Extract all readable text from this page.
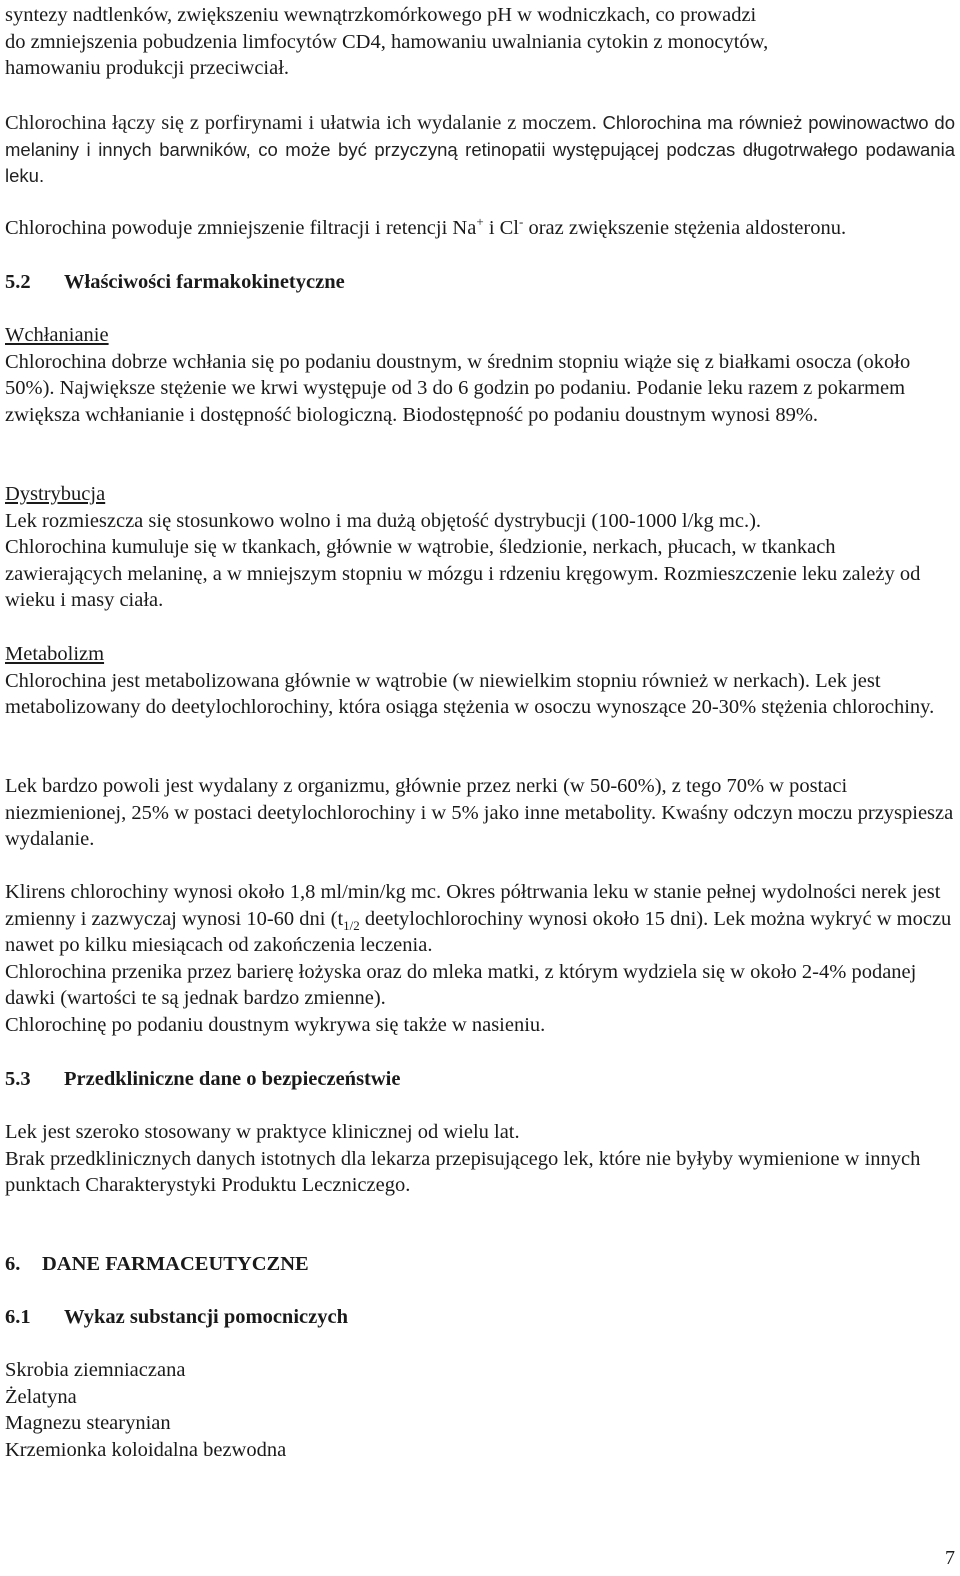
syntezy nadtlenków, zwiększeniu wewnątrzkomórkowego pH w wodniczkach, co prowadzi

do zmniejszenia pobudzenia limfocytów CD4, hamowaniu uwalniania cytokin z monocytów,

hamowaniu produkcji przeciwciał.

Chlorochina łączy się z porfirynami i ułatwia ich wydalanie z moczem. Chlorochina ma również powinowactwo do melaniny i innych barwników, co może być przyczyną retinopatii występującej podczas długotrwałego podawania leku.

Chlorochina powoduje zmniejszenie filtracji i retencji Na+ i Cl- oraz zwiększenie stężenia aldosteronu.

5.2 Właściwości farmakokinetyczne

Wchłanianie

Chlorochina dobrze wchłania się po podaniu doustnym, w średnim stopniu wiąże się z białkami osocza (około 50%). Największe stężenie we krwi występuje od 3 do 6 godzin po podaniu. Podanie leku razem z pokarmem zwiększa wchłanianie i dostępność biologiczną. Biodostępność po podaniu doustnym wynosi 89%.

Dystrybucja

Lek rozmieszcza się stosunkowo wolno i ma dużą objętość dystrybucji (100-1000 l/kg mc.).

Chlorochina kumuluje się w tkankach, głównie w wątrobie, śledzionie, nerkach, płucach, w tkankach zawierających melaninę, a w mniejszym stopniu w mózgu i rdzeniu kręgowym. Rozmieszczenie leku zależy od wieku i masy ciała.

Metabolizm

Chlorochina jest metabolizowana głównie w wątrobie (w niewielkim stopniu również w nerkach). Lek jest metabolizowany do deetylochlorochiny, która osiąga stężenia w osoczu wynoszące 20-30% stężenia chlorochiny.

Lek bardzo powoli jest wydalany z organizmu, głównie przez nerki (w 50-60%), z tego 70% w postaci niezmienionej, 25% w postaci deetylochlorochiny i w 5% jako inne metabolity. Kwaśny odczyn moczu przyspiesza wydalanie.

Klirens chlorochiny wynosi około 1,8 ml/min/kg mc. Okres półtrwania leku w stanie pełnej wydolności nerek jest zmienny i zazwyczaj wynosi 10-60 dni ($t_{1/2}$ deetylochlorochiny wynosi około 15 dni). Lek można wykryć w moczu nawet po kilku miesiącach od zakończenia leczenia.

Chlorochina przenika przez barierę łożyska oraz do mleka matki, z którym wydziela się w około 2-4% podanej dawki (wartości te są jednak bardzo zmienne).

Chlorochinę po podaniu doustnym wykrywa się także w nasieniu.

5.3 Przedkliniczne dane o bezpieczeństwie

Lek jest szeroko stosowany w praktyce klinicznej od wielu lat.

Brak przedklinicznych danych istotnych dla lekarza przepisującego lek, które nie byłyby wymienione w innych punktach Charakterystyki Produktu Leczniczego.

6. DANE FARMACEUTYCZNE
6.1 Wykaz substancji pomocniczych

Skrobia ziemniaczana

Żelatyna

Magnezu stearynian

Krzemionka koloidalna bezwodna

7
